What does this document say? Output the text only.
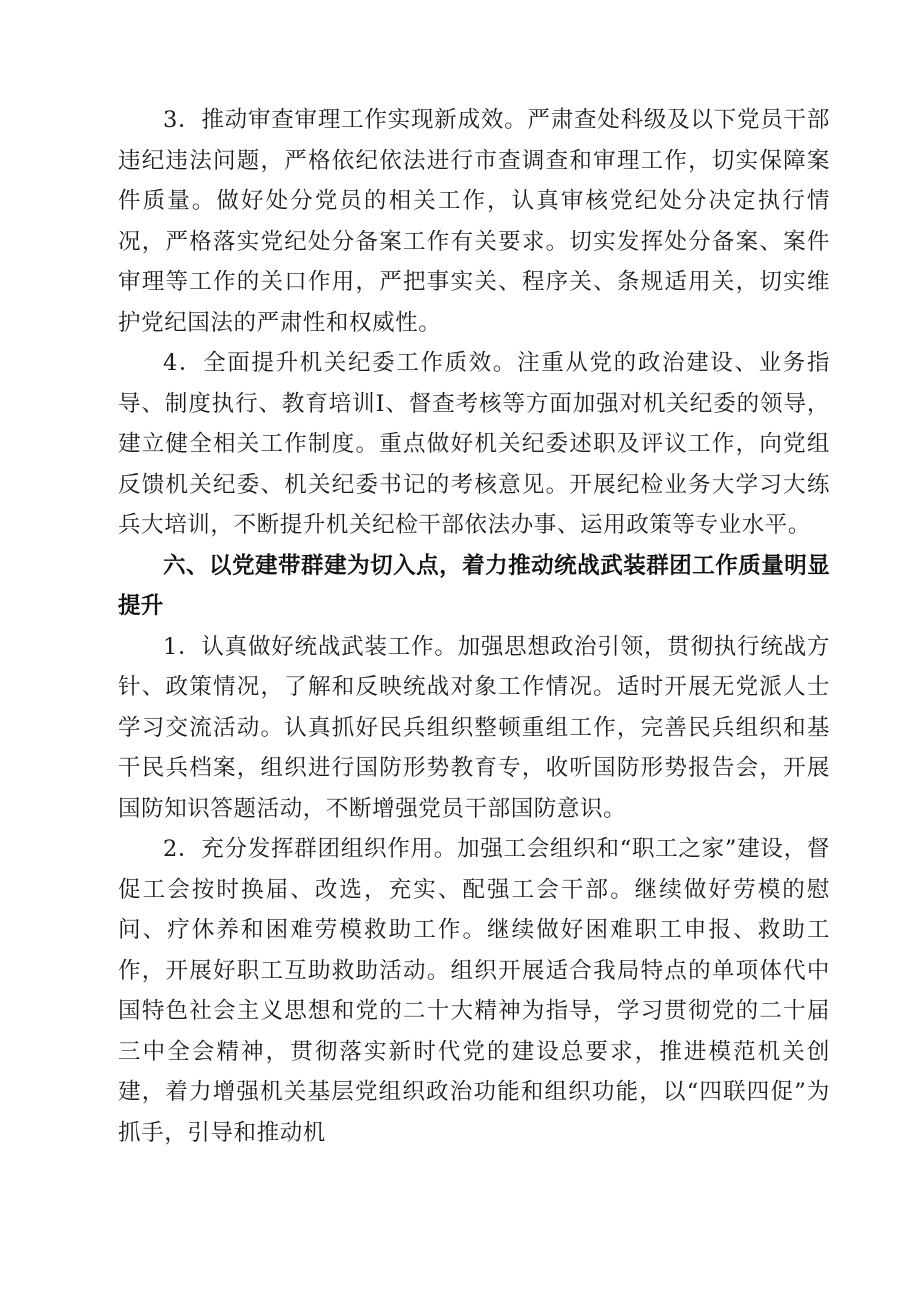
3．推动审查审理工作实现新成效。严肃查处科级及以下党员干部违纪违法问题，严格依纪依法进行市查调查和审理工作，切实保障案件质量。做好处分党员的相关工作，认真审核党纪处分决定执行情况，严格落实党纪处分备案工作有关要求。切实发挥处分备案、案件审理等工作的关口作用，严把事实关、程序关、条规适用关，切实维护党纪国法的严肃性和权威性。

4．全面提升机关纪委工作质效。注重从党的政治建设、业务指导、制度执行、教育培训I、督查考核等方面加强对机关纪委的领导，建立健全相关工作制度。重点做好机关纪委述职及评议工作，向党组反馈机关纪委、机关纪委书记的考核意见。开展纪检业务大学习大练兵大培训，不断提升机关纪检干部依法办事、运用政策等专业水平。

六、以党建带群建为切入点，着力推动统战武装群团工作质量明显提升

1．认真做好统战武装工作。加强思想政治引领，贯彻执行统战方针、政策情况，了解和反映统战对象工作情况。适时开展无党派人士学习交流活动。认真抓好民兵组织整顿重组工作，完善民兵组织和基干民兵档案，组织进行国防形势教育专，收听国防形势报告会，开展国防知识答题活动，不断增强党员干部国防意识。

2．充分发挥群团组织作用。加强工会组织和“职工之家”建设，督促工会按时换届、改选，充实、配强工会干部。继续做好劳模的慰问、疗休养和困难劳模救助工作。继续做好困难职工申报、救助工作，开展好职工互助救助活动。组织开展适合我局特点的单项体代中国特色社会主义思想和党的二十大精神为指导，学习贯彻党的二十届三中全会精神，贯彻落实新时代党的建设总要求，推进模范机关创建，着力增强机关基层党组织政治功能和组织功能，以“四联四促”为抓手，引导和推动机
